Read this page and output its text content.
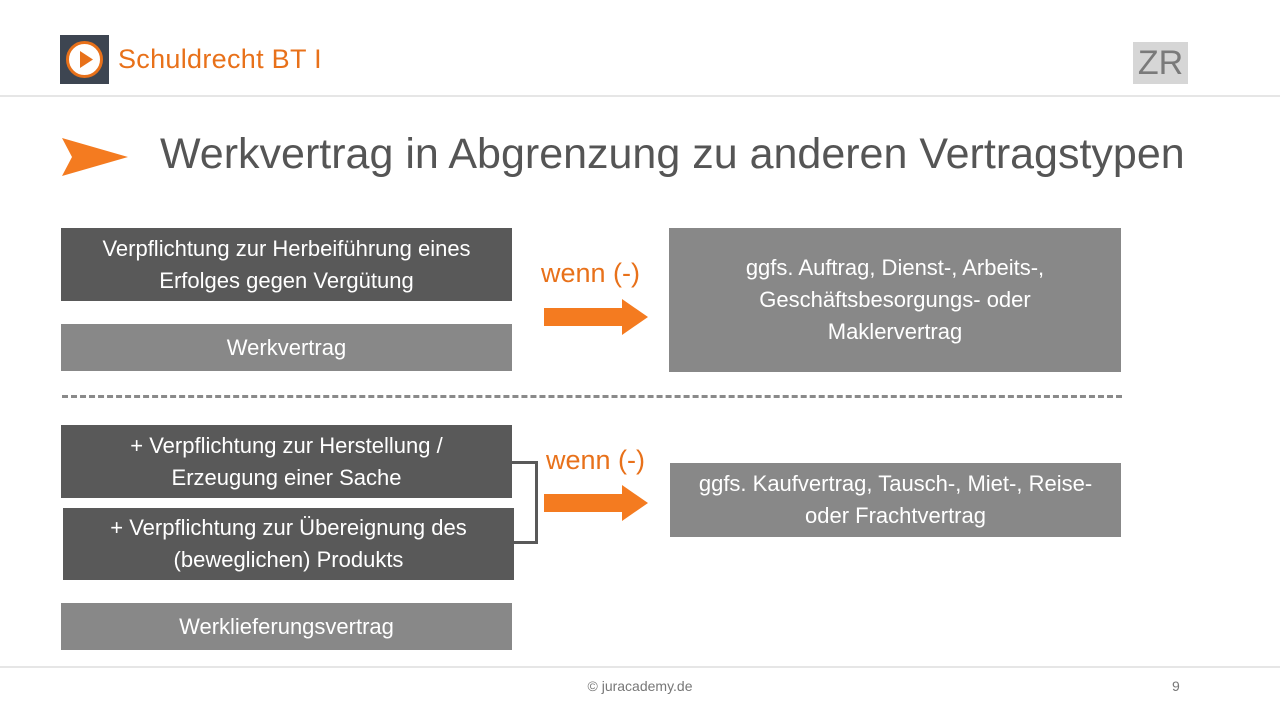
Schuldrecht BT I	ZR
Werkvertrag in Abgrenzung zu anderen Vertragstypen
Verpflichtung zur Herbeiführung eines
Erfolges gegen Vergütung
Werkvertrag
wenn (-)	ggfs. Auftrag, Dienst-, Arbeits-,
Geschäftsbesorgungs- oder
Maklervertrag
+ Verpflichtung zur Herstellung /
Erzeugung einer Sache
+ Verpflichtung zur Übereignung des
(beweglichen) Produkts
Werklieferungsvertrag
wenn (-)
ggfs. Kaufvertrag, Tausch-, Miet-, Reise-
oder Frachtvertrag
© juracademy.de	9
